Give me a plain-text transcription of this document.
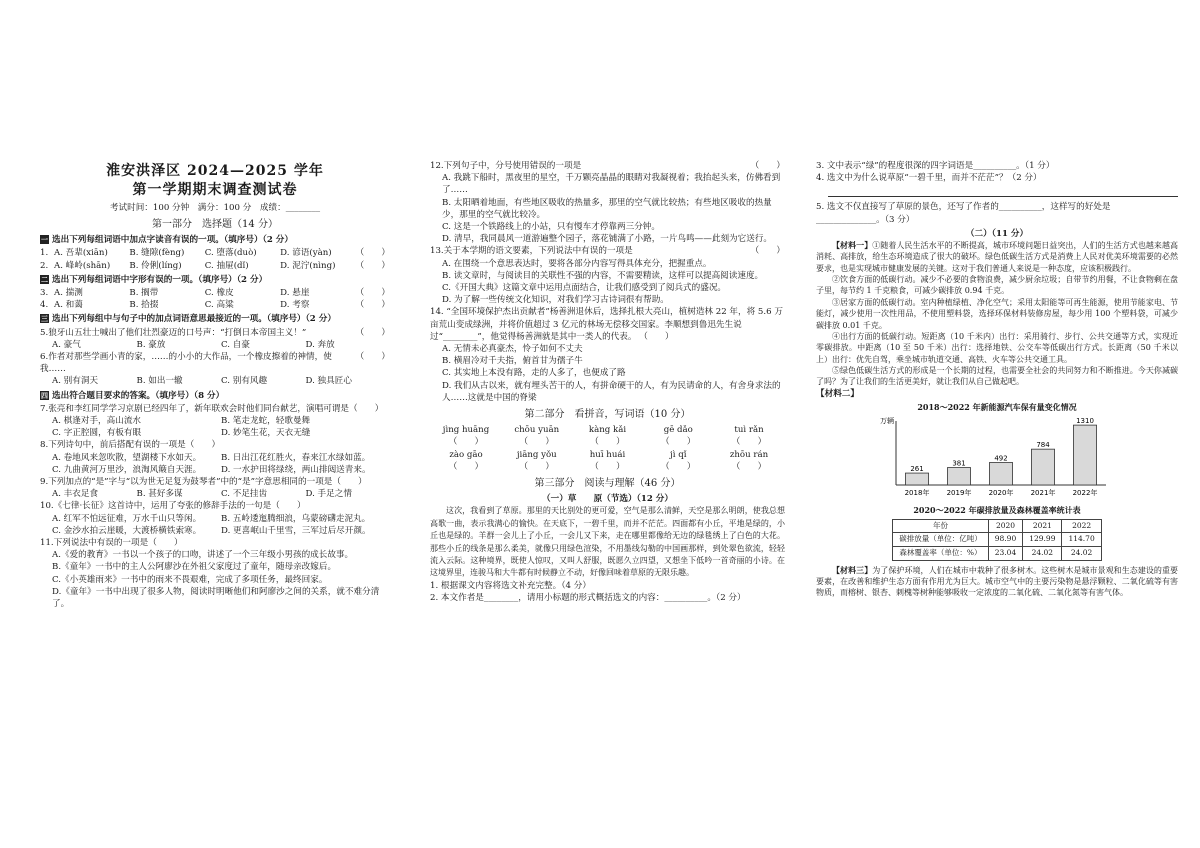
淮安洪泽区 2024—2025 学年
第一学期期末调查测试卷
考试时间：100 分钟　满分：100 分　成绩：________
第一部分　选择题（14 分）
一 选出下列每组词语中加点字读音有误的一项。（填序号）（2 分）
1. A. 吾辈(xiān)	B. 缝隙(fèng)	C. 堕落(duò)	D. 谚语(yàn)	（　　）
2. A. 峰岭(shān)	B. 伶俐(líng)	C. 抽屉(dǐ)	D. 泥泞(nìng)	（　　）
二 选出下列每组词语中字形有误的一项。（填序号）（2 分）
3. A. 揣测	B. 搁带	C. 橡皮	D. 悬崖	（　　）
4. A. 和蔼	B. 拾掇	C. 高粱	D. 考察	（　　）
三 选出下列每组中与句子中的加点词语意思最接近的一项。（填序号）（2 分）
5.狼牙山五壮士喊出了他们壮烈豪迈的口号声：“打倒日本帝国主义！”	（　　）
A. 豪气	B. 豪放	C. 自豪	D. 奔放
6.作者对那些学画小青的家，……的小小的大作品，一个橡皮擦着的神情，使我……
（　　）
A. 别有洞天	B. 如出一辙	C. 别有风趣	D. 独具匠心
四 选出符合题目要求的答案。（填序号）（8 分）
7.张亮和李红同学学习京剧已经四年了，新年联欢会时他们同台献艺，演唱可谓是（　　）
A. 棋逢对手，高山流水	B. 笔走龙蛇，轻歌曼舞
C. 字正腔圆，有板有眼	D. 妙笔生花，天衣无缝
8.下列诗句中，前后搭配有误的一项是（　　）
A. 卷地风来忽吹散，望湖楼下水如天。	B. 日出江花红胜火，春来江水绿如蓝。
C. 九曲黄河万里沙，浪淘风簸自天涯。	D. 一水护田将绿绕，两山排闼送青来。
9.下列加点的“是”字与“以为世无足复为鼓琴者”中的“是”字意思相同的一项是（　　）
A. 丰衣足食	B. 甚好多谋	C. 不足挂齿	D. 手足之情
10.《七律·长征》这首诗中，运用了夸张的修辞手法的一句是（　　）
A. 红军不怕远征难，万水千山只等闲。	B. 五岭逶迤腾细浪，乌蒙磅礴走泥丸。
C. 金沙水拍云崖暖，大渡桥横铁索寒。	D. 更喜岷山千里雪，三军过后尽开颜。
11.下列说法中有误的一项是（　　）
A.《爱的教育》一书以一个孩子的口吻，讲述了一个三年级小男孩的成长故事。
B.《童年》一书中的主人公阿廖沙在外祖父家度过了童年，随母亲改嫁后。
C.《小英雄雨来》一书中的雨来不畏艰难，完成了多项任务，最终回家。
D.《童年》一书中出现了很多人物，阅读时明晰他们和阿廖沙之间的关系，就不难分清了。
12.下列句子中，分号使用错误的一项是	（　　）
A. 我跳下船时，黑夜里的星空，千万颗亮晶晶的眼睛对我凝视着；我抬起头来，仿佛看到了……
B. 太阳晒着地面，有些地区吸收的热量多，那里的空气就比较热；有些地区吸收的热量少，那里的空气就比较冷。
C. 这是一个铁路线上的小站，只有慢车才停靠两三分钟。
D. 清早，我同晨风一道游遍整个园子，落花铺满了小路，一片鸟鸣——此刻为它送行。
13.关于本学期的语文要素，下列说法中有误的一项是	（　　）
A. 在围绕一个意思表达时，要将各部分内容写得具体充分，把握重点。
B. 读文章时，与阅读目的关联性不强的内容，不需要精读，这样可以提高阅读速度。
C.《开国大典》这篇文章中运用点面结合，让我们感受到了阅兵式的盛况。
D. 为了解一些传统文化知识，对我们学习古诗词很有帮助。
14. “全国环境保护杰出贡献者”杨善洲退休后，选择扎根大亮山，植树造林 22 年，将 5.6 万亩荒山变成绿洲，并将价值超过 3 亿元的林场无偿移交国家。李顺想到鲁迅先生说过“________”，他觉得杨善洲就是其中一类人的代表。 （　　）
A. 无情未必真豪杰，怜子如何不丈夫
B. 横眉冷对千夫指，俯首甘为孺子牛
C. 其实地上本没有路，走的人多了，也便成了路
D. 我们从古以来，就有埋头苦干的人，有拼命硬干的人，有为民请命的人，有舍身求法的人……这就是中国的脊梁
第二部分　看拼音，写词语（10 分）
jìng huāng	chōu yuān	kàng kǎi	gē dǎo	tuì rǎn
（　　）	（　　）	（　　）	（　　）	（　　）
zào gāo	jiāng yǒu	huī huái	jì qǐ	zhōu rán
（　　）	（　　）	（　　）	（　　）	（　　）
第三部分　阅读与理解（46 分）
（一）草　　原（节选）（12 分）
这次，我看到了草原。那里的天比别处的更可爱，空气是那么清鲜，天空是那么明朗，使我总想高歌一曲，表示我满心的愉快。在天底下，一碧千里，而并不茫茫。四面都有小丘，平地是绿的，小丘也是绿的。羊群一会儿上了小丘，一会儿又下来，走在哪里都像给无边的绿毯绣上了白色的大花。那些小丘的线条是那么柔美，就像只用绿色渲染，不用墨线勾勒的中国画那样，到处翠色欲流，轻轻流入云际。这种境界，既使人惊叹，又叫人舒服，既愿久立四望，又想坐下低吟一首奇丽的小诗。在这境界里，连骏马和大牛都有时候静立不动，好像回味着草原的无限乐趣。
1. 根据课文内容将选文补充完整。（4 分）
2. 本文作者是________，请用小标题的形式概括选文的内容：__________。（2 分）
3. 文中表示“绿”的程度很深的四字词语是__________。（1 分）
4. 选文中为什么说草原“一碧千里，而并不茫茫”？（2 分）
5. 选文不仅直接写了草原的景色，还写了作者的__________，这样写的好处是______________。（3 分）
（二）（11 分）
【材料一】①随着人民生活水平的不断提高，城市环境问题日益突出，人们的生活方式也越来越高消耗、高排放，给生态环境造成了很大的破坏。绿色低碳生活方式是消费上人民对优美环境需要的必然要求，也是实现城市健康发展的关键。这对于我们普通人来说是一种态度，应该积极践行。
②饮食方面的低碳行动。减少不必要的食物浪费，减少厨余垃圾；自带节约用餐，不让食物剩在盘子里，每节约 1 千克粮食，可减少碳排放 0.94 千克。
③居家方面的低碳行动。室内种植绿植、净化空气；采用太阳能等可再生能源，使用节能家电、节能灯，减少使用一次性用品，不使用塑料袋，选择环保材料装修房屋，每少用 100 个塑料袋，可减少碳排放 0.01 千克。
④出行方面的低碳行动。短距离（10 千米内）出行：采用骑行、步行、公共交通等方式，实现近零碳排放。中距离（10 至 50 千米）出行：选择地铁、公交车等低碳出行方式。长距离（50 千米以上）出行：优先自驾，乘坐城市轨道交通、高铁、火车等公共交通工具。
⑤绿色低碳生活方式的形成是一个长期的过程，也需要全社会的共同努力和不断推进。今天你减碳了吗？为了让我们的生活更美好，就让我们从自己做起吧。
【材料二】
2018～2022 年新能源汽车保有量变化情况
万辆
261
2018年
381
2019年
492
2020年
784
2021年
1310
2022年
2020～2022 年碳排放量及森林覆盖率统计表
年份	2020	2021	2022
碳排放量（单位：亿吨）	98.90	129.99	114.70
森林覆盖率（单位：%）	23.04	24.02	24.02
【材料三】为了保护环境，人们在城市中栽种了很多树木。这些树木是城市景观和生态建设的重要要素，在改善和维护生态方面有作用尤为巨大。城市空气中的主要污染物是悬浮颗粒、二氧化硫等有害物质，而榕树、银杏、刺槐等树种能够吸收一定浓度的二氧化硫、二氧化氮等有害气体。
